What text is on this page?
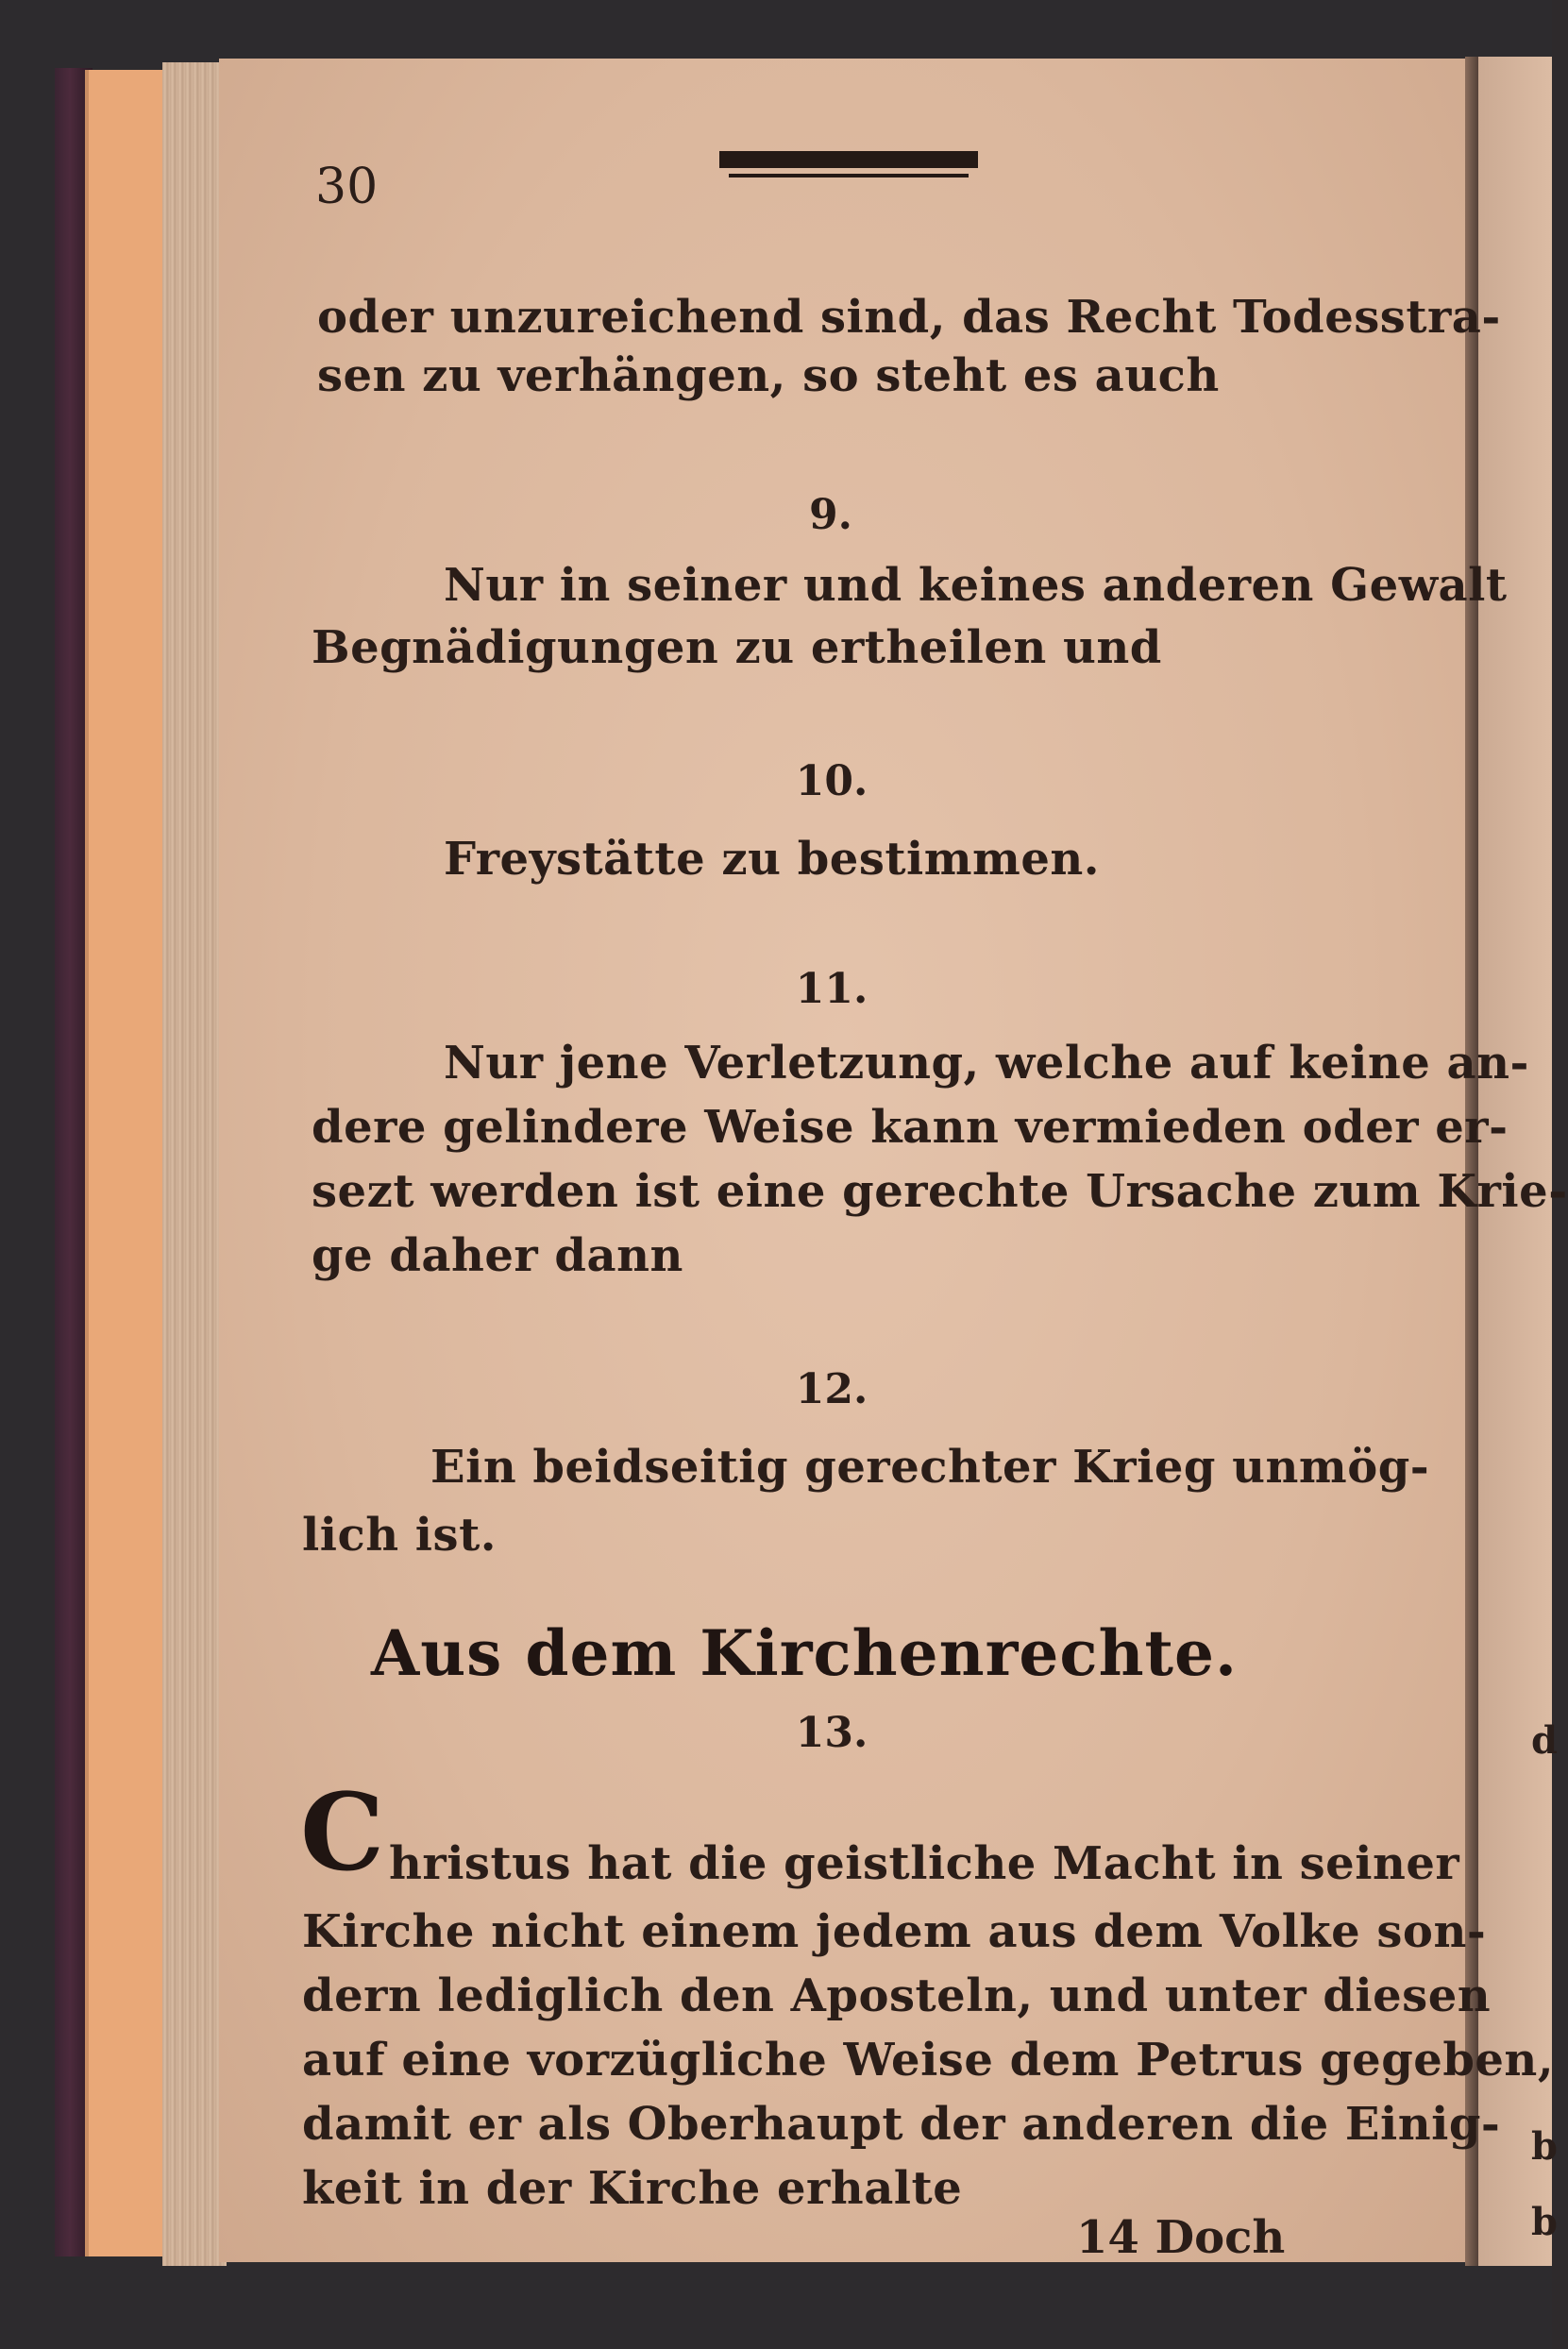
d
b
b
30
oder unzureichend sind, das Recht Todesstra-
sen zu verhängen, so steht es auch
9.
Nur in seiner und keines anderen Gewalt
Begnädigungen zu ertheilen und
10.
Freystätte zu bestimmen.
11.
Nur jene Verletzung, welche auf keine an-
dere gelindere Weise kann vermieden oder er-
sezt werden ist eine gerechte Ursache zum Krie-
ge daher dann
12.
Ein beidseitig gerechter Krieg unmög-
lich ist.
Aus dem Kirchenrechte.
13.
C hristus hat die geistliche Macht in seiner
Kirche nicht einem jedem aus dem Volke son-
dern lediglich den Aposteln, und unter diesen
auf eine vorzügliche Weise dem Petrus gegeben,
damit er als Oberhaupt der anderen die Einig-
keit in der Kirche erhalte
14 Doch
